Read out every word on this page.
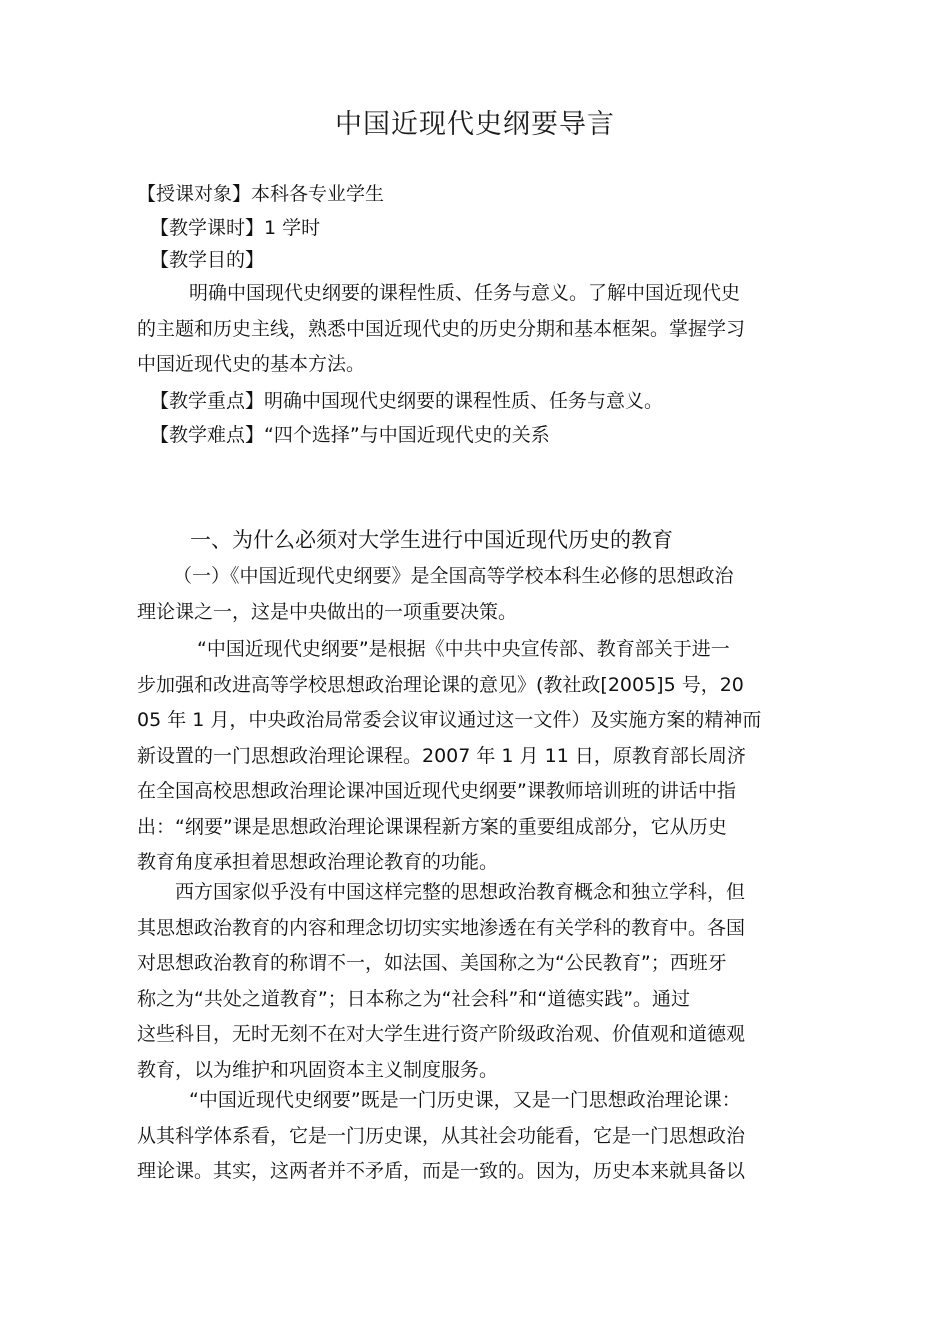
中国近现代史纲要导言
【授课对象】本科各专业学生
【教学课时】1 学时
【教学目的】
明确中国现代史纲要的课程性质、任务与意义。了解中国近现代史
的主题和历史主线，熟悉中国近现代史的历史分期和基本框架。掌握学习
中国近现代史的基本方法。
【教学重点】明确中国现代史纲要的课程性质、任务与意义。
【教学难点】“四个选择”与中国近现代史的关系
一、为什么必须对大学生进行中国近现代历史的教育
（一）《中国近现代史纲要》是全国高等学校本科生必修的思想政治
理论课之一，这是中央做出的一项重要决策。
“中国近现代史纲要”是根据《中共中央宣传部、教育部关于进一
步加强和改进高等学校思想政治理论课的意见》(教社政[2005]5 号，20
05 年 1 月，中央政治局常委会议审议通过这一文件）及实施方案的精神而
新设置的一门思想政治理论课程。2007 年 1 月 11 日，原教育部长周济
在全国高校思想政治理论课冲国近现代史纲要”课教师培训班的讲话中指
出：“纲要”课是思想政治理论课课程新方案的重要组成部分，它从历史
教育角度承担着思想政治理论教育的功能。
西方国家似乎没有中国这样完整的思想政治教育概念和独立学科，但
其思想政治教育的内容和理念切切实实地渗透在有关学科的教育中。各国
对思想政治教育的称谓不一，如法国、美国称之为“公民教育”；西班牙
称之为“共处之道教育”；日本称之为“社会科”和“道德实践”。通过
这些科目，无时无刻不在对大学生进行资产阶级政治观、价值观和道德观
教育，以为维护和巩固资本主义制度服务。
“中国近现代史纲要”既是一门历史课，又是一门思想政治理论课：
从其科学体系看，它是一门历史课，从其社会功能看，它是一门思想政治
理论课。其实，这两者并不矛盾，而是一致的。因为，历史本来就具备以
